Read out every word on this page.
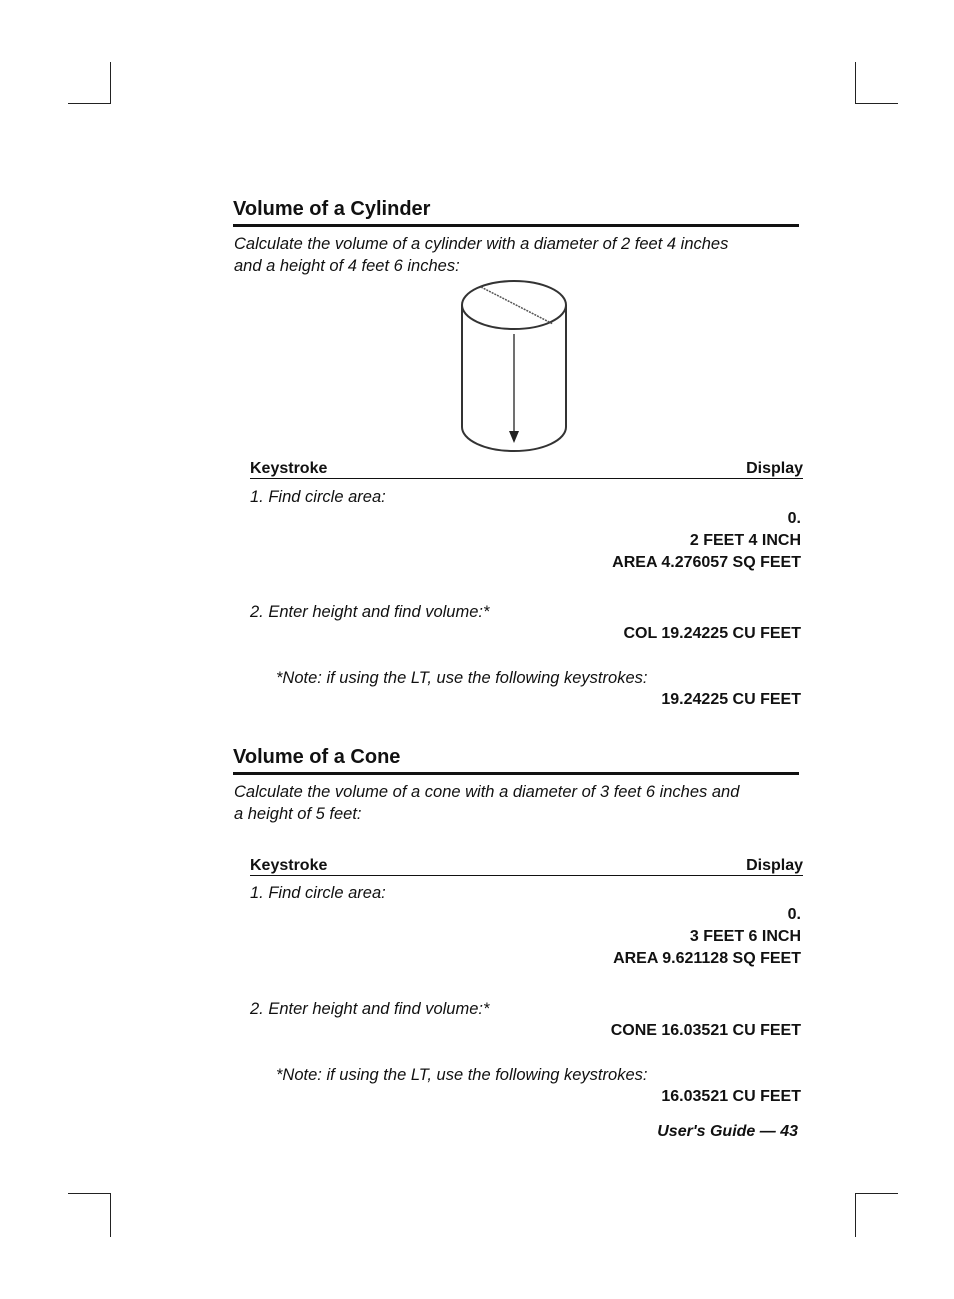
Volume of a Cylinder
Calculate the volume of a cylinder with a diameter of 2 feet 4 inches
and a height of 4 feet 6 inches:
Keystroke	Display
1. Find circle area:
0.
2 FEET 4 INCH
AREA 4.276057 SQ FEET
2. Enter height and find volume:*
COL 19.24225 CU FEET
*Note: if using the LT, use the following keystrokes:
19.24225 CU FEET
Volume of a Cone
Calculate the volume of a cone with a diameter of 3 feet 6 inches and
a height of 5 feet:
Keystroke	Display
1. Find circle area:
0.
3 FEET 6 INCH
AREA 9.621128 SQ FEET
2. Enter height and find volume:*
CONE 16.03521 CU FEET
*Note: if using the LT, use the following keystrokes:
16.03521 CU FEET
User's Guide — 43
